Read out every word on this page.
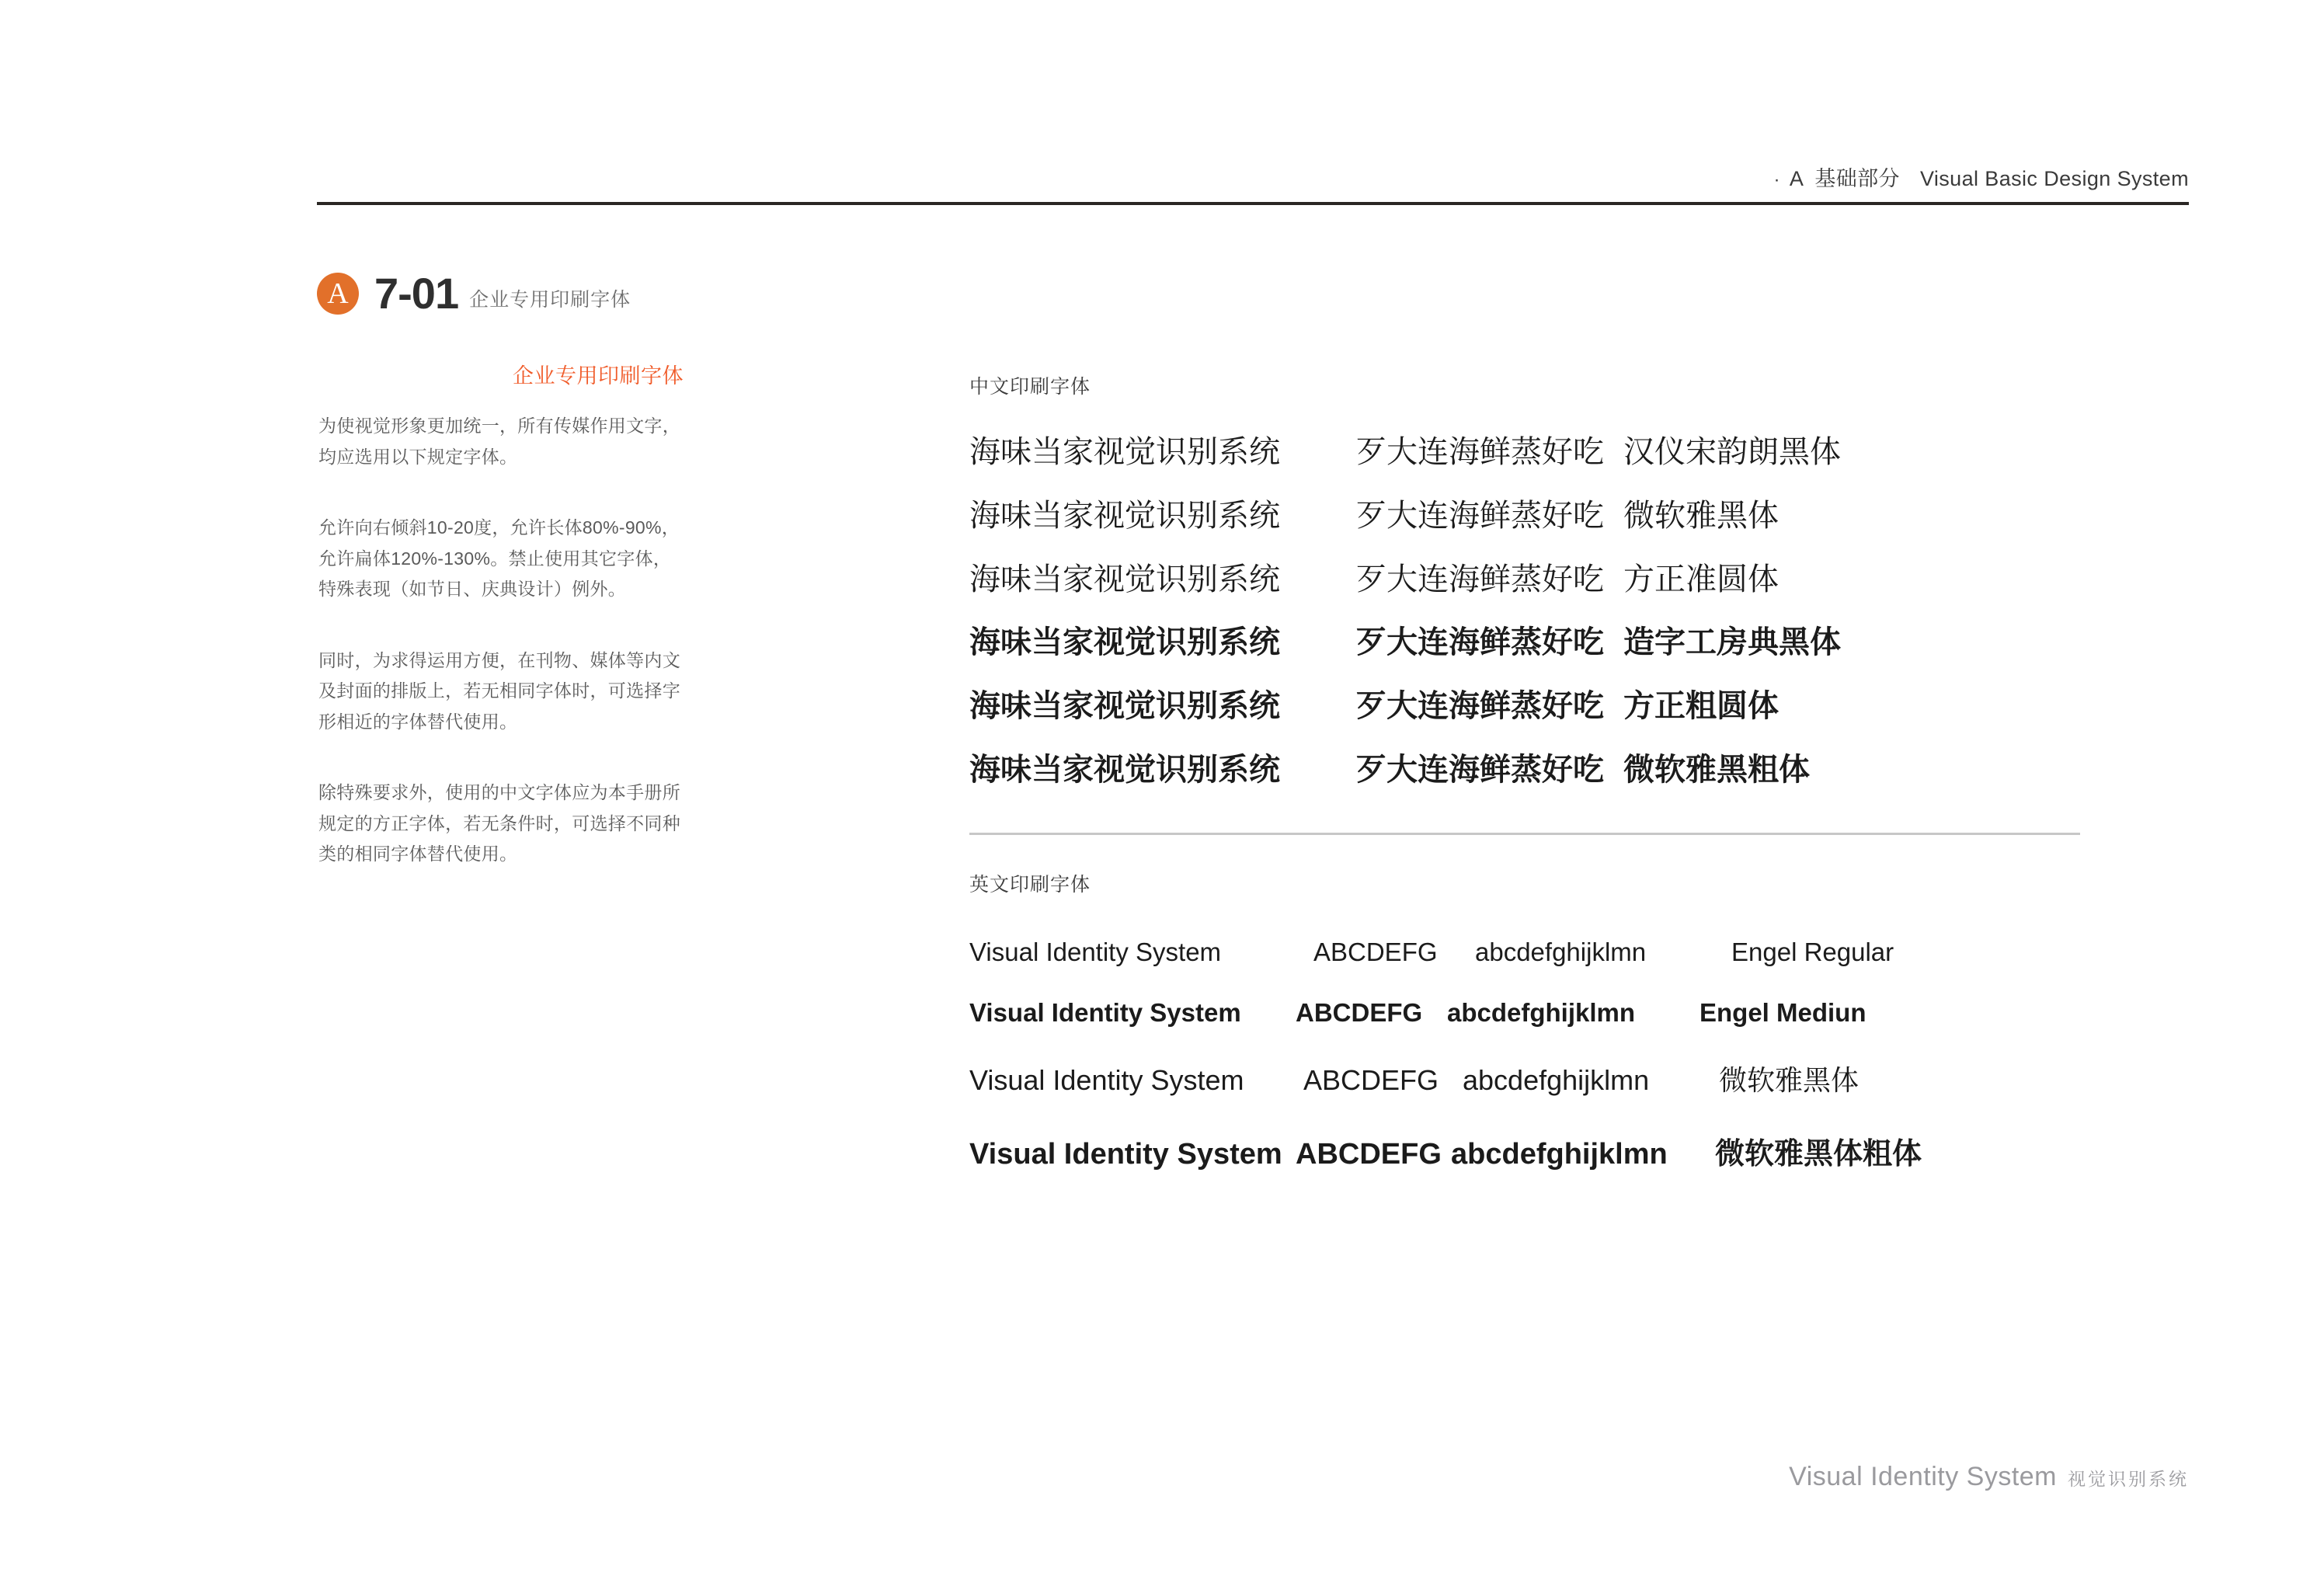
· A 基础部分 Visual Basic Design System
A 7-01 企业专用印刷字体
企业专用印刷字体

为使视觉形象更加统一，所有传媒作用文字，均应选用以下规定字体。

允许向右倾斜10-20度，允许长体80%-90%，允许扁体120%-130%。禁止使用其它字体，特殊表现（如节日、庆典设计）例外。

同时，为求得运用方便，在刊物、媒体等内文及封面的排版上，若无相同字体时，可选择字形相近的字体替代使用。

除特殊要求外，使用的中文字体应为本手册所规定的方正字体，若无条件时，可选择不同种类的相同字体替代使用。

中文印刷字体
海味当家视觉识别系统	歹大连海鲜蒸好吃 汉仪宋韵朗黑体
海味当家视觉识别系统	歹大连海鲜蒸好吃 微软雅黑体
海味当家视觉识别系统	歹大连海鲜蒸好吃 方正准圆体
海味当家视觉识别系统	歹大连海鲜蒸好吃 造字工房典黑体
海味当家视觉识别系统	歹大连海鲜蒸好吃 方正粗圆体
海味当家视觉识别系统	歹大连海鲜蒸好吃 微软雅黑粗体
英文印刷字体
Visual Identity System	ABCDEFG	abcdefghijklmn	Engel Regular
Visual Identity System	ABCDEFG abcdefghijklmn	Engel Mediun
Visual Identity System	ABCDEFG abcdefghijklmn	微软雅黑体
Visual Identity System ABCDEFG abcdefghijklmn	微软雅黑体粗体
Visual Identity System 视觉识别系统
